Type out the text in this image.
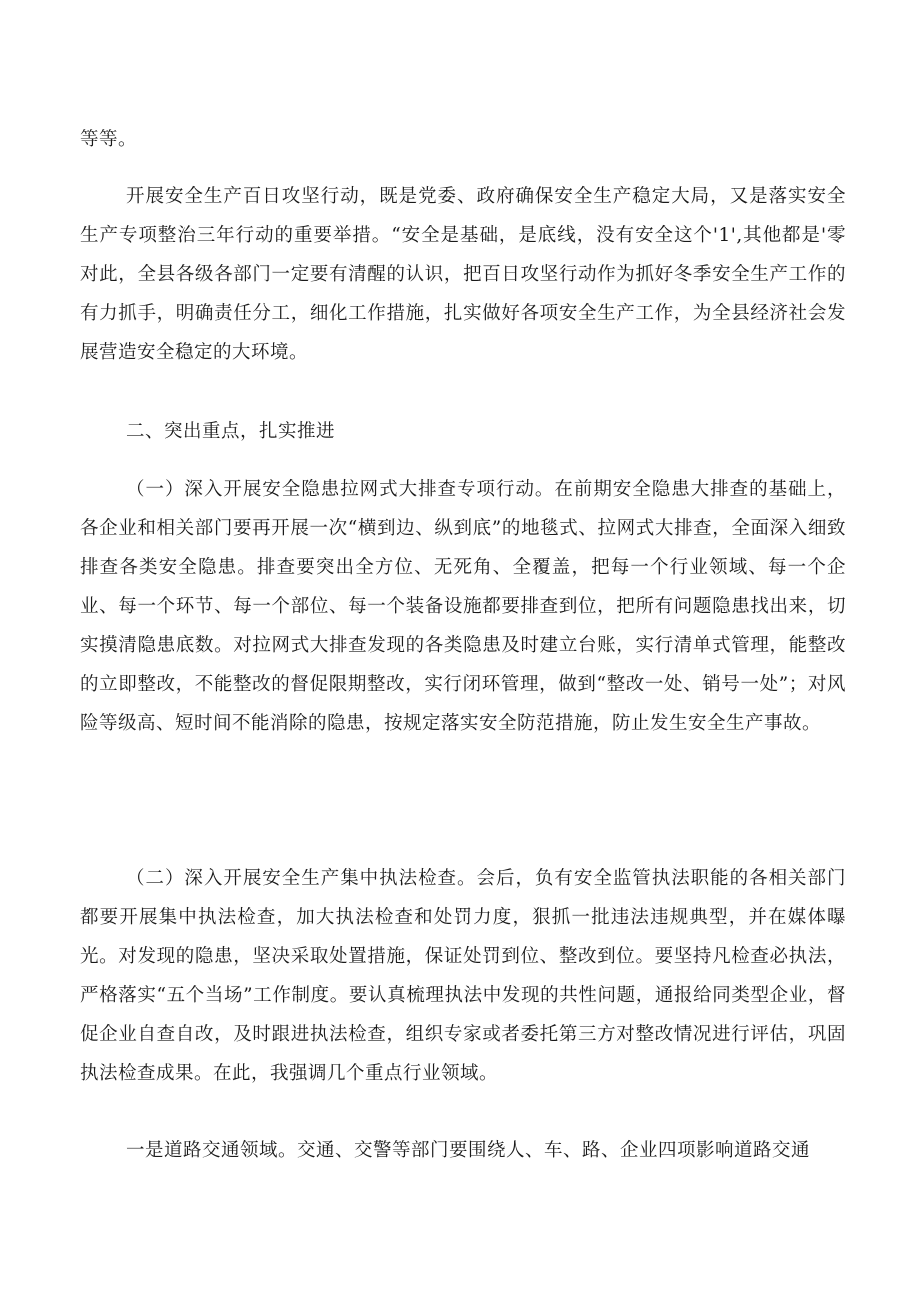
等等。

开展安全生产百日攻坚行动，既是党委、政府确保安全生产稳定大局，又是落实安全生产专项整治三年行动的重要举措。“安全是基础，是底线，没有安全这个'1',其他都是'零对此，全县各级各部门一定要有清醒的认识，把百日攻坚行动作为抓好冬季安全生产工作的有力抓手，明确责任分工，细化工作措施，扎实做好各项安全生产工作，为全县经济社会发展营造安全稳定的大环境。

二、突出重点，扎实推进

（一）深入开展安全隐患拉网式大排查专项行动。在前期安全隐患大排查的基础上，各企业和相关部门要再开展一次“横到边、纵到底”的地毯式、拉网式大排查，全面深入细致排查各类安全隐患。排查要突出全方位、无死角、全覆盖，把每一个行业领域、每一个企业、每一个环节、每一个部位、每一个装备设施都要排查到位，把所有问题隐患找出来，切实摸清隐患底数。对拉网式大排查发现的各类隐患及时建立台账，实行清单式管理，能整改的立即整改，不能整改的督促限期整改，实行闭环管理，做到“整改一处、销号一处”；对风险等级高、短时间不能消除的隐患，按规定落实安全防范措施，防止发生安全生产事故。

（二）深入开展安全生产集中执法检查。会后，负有安全监管执法职能的各相关部门都要开展集中执法检查，加大执法检查和处罚力度，狠抓一批违法违规典型，并在媒体曝光。对发现的隐患，坚决采取处置措施，保证处罚到位、整改到位。要坚持凡检查必执法，严格落实“五个当场”工作制度。要认真梳理执法中发现的共性问题，通报给同类型企业，督促企业自查自改，及时跟进执法检查，组织专家或者委托第三方对整改情况进行评估，巩固执法检查成果。在此，我强调几个重点行业领域。

一是道路交通领域。交通、交警等部门要围绕人、车、路、企业四项影响道路交通
